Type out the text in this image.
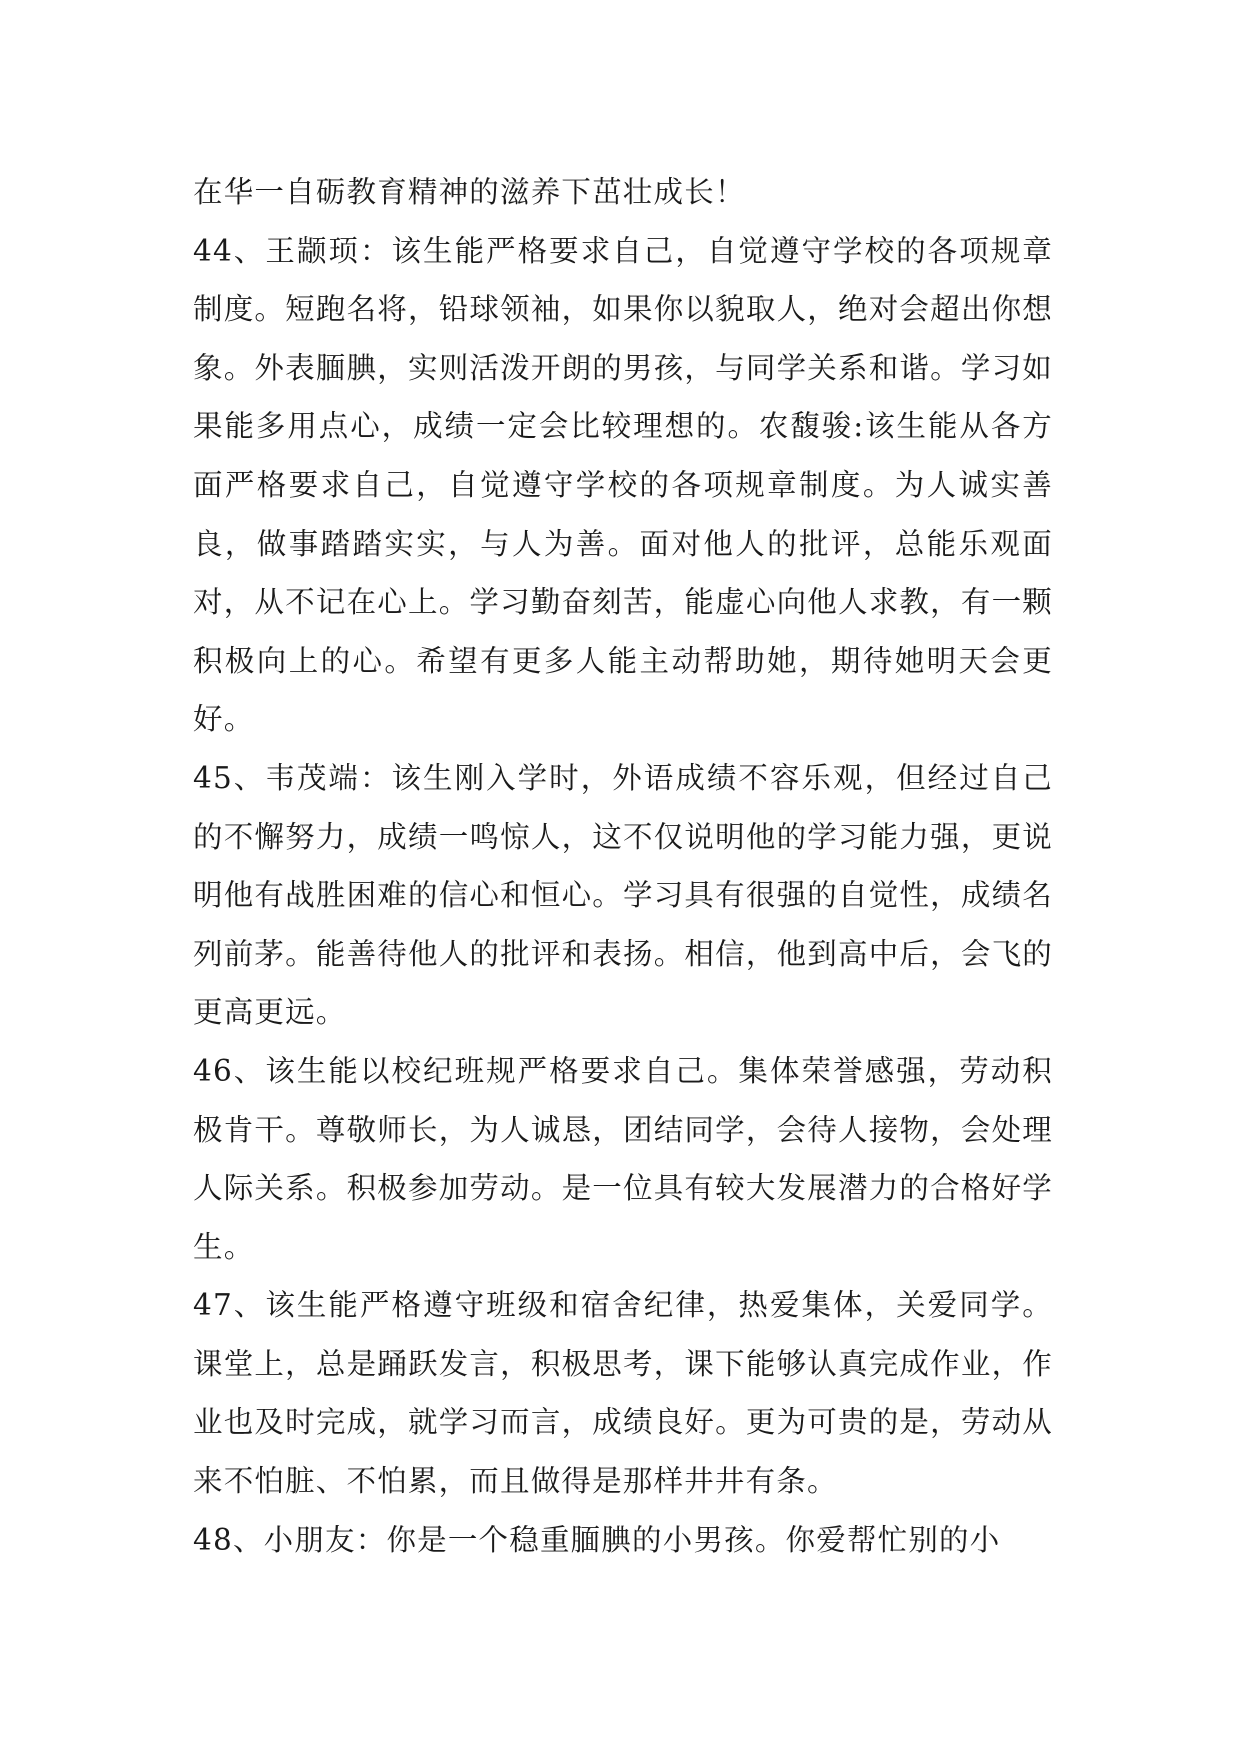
在华一自砺教育精神的滋养下茁壮成长！

44、王颛顼：该生能严格要求自己，自觉遵守学校的各项规章制度。短跑名将，铅球领袖，如果你以貌取人，绝对会超出你想象。外表腼腆，实则活泼开朗的男孩，与同学关系和谐。学习如果能多用点心，成绩一定会比较理想的。农馥骏:该生能从各方面严格要求自己，自觉遵守学校的各项规章制度。为人诚实善良，做事踏踏实实，与人为善。面对他人的批评，总能乐观面对，从不记在心上。学习勤奋刻苦，能虚心向他人求教，有一颗积极向上的心。希望有更多人能主动帮助她，期待她明天会更好。

45、韦茂端：该生刚入学时，外语成绩不容乐观，但经过自己的不懈努力，成绩一鸣惊人，这不仅说明他的学习能力强，更说明他有战胜困难的信心和恒心。学习具有很强的自觉性，成绩名列前茅。能善待他人的批评和表扬。相信，他到高中后，会飞的更高更远。

46、该生能以校纪班规严格要求自己。集体荣誉感强，劳动积极肯干。尊敬师长，为人诚恳，团结同学，会待人接物，会处理人际关系。积极参加劳动。是一位具有较大发展潜力的合格好学生。

47、该生能严格遵守班级和宿舍纪律，热爱集体，关爱同学。课堂上，总是踊跃发言，积极思考，课下能够认真完成作业，作业也及时完成，就学习而言，成绩良好。更为可贵的是，劳动从来不怕脏、不怕累，而且做得是那样井井有条。

48、小朋友：你是一个稳重腼腆的小男孩。你爱帮忙别的小
